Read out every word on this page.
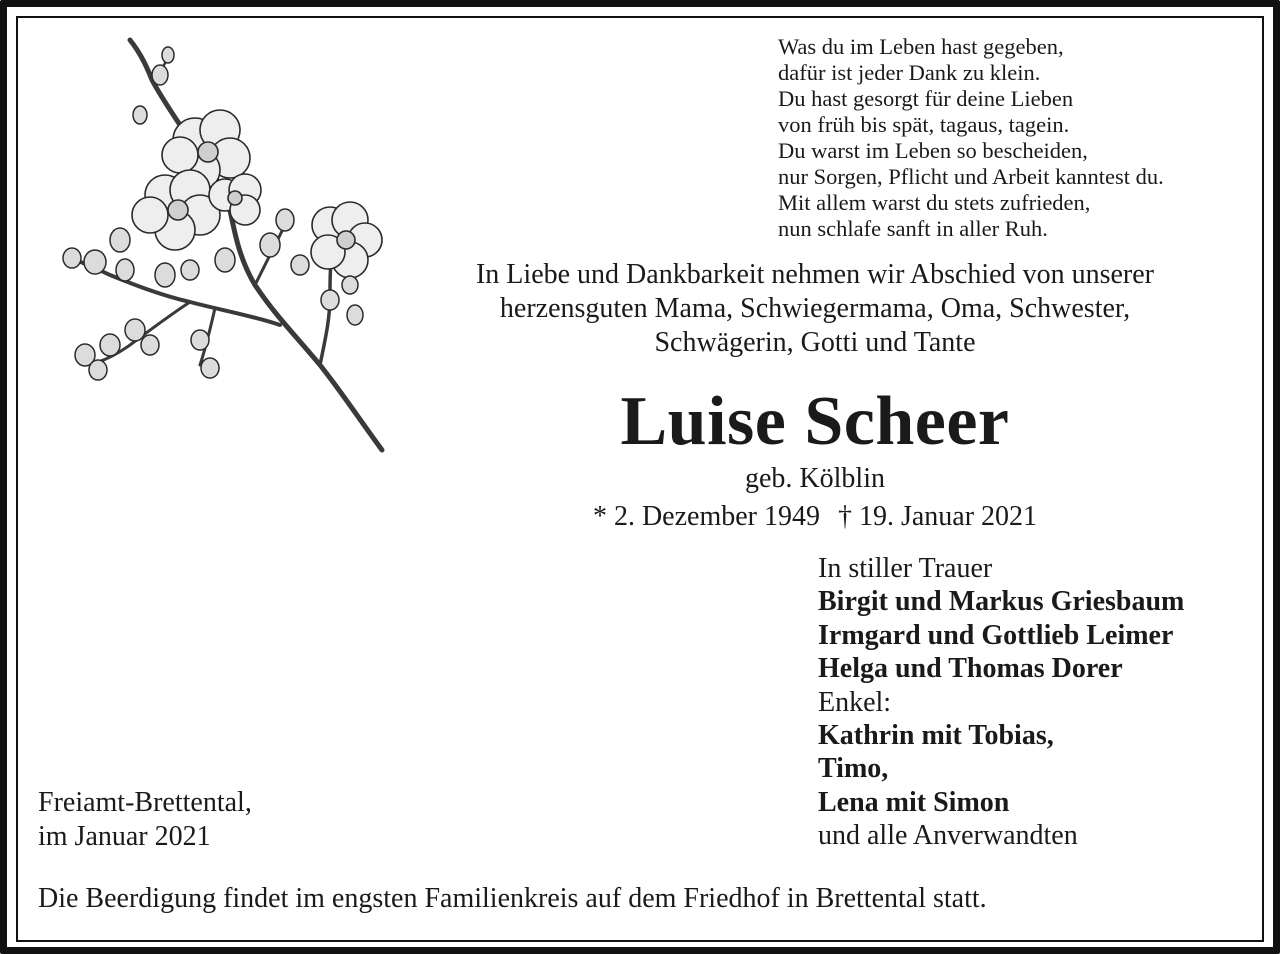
Was du im Leben hast gegeben,
dafür ist jeder Dank zu klein.
Du hast gesorgt für deine Lieben
von früh bis spät, tagaus, tagein.
Du warst im Leben so bescheiden,
nur Sorgen, Pflicht und Arbeit kanntest du.
Mit allem warst du stets zufrieden,
nun schlafe sanft in aller Ruh.
In Liebe und Dankbarkeit nehmen wir Abschied von unserer
herzensguten Mama, Schwiegermama, Oma, Schwester,
Schwägerin, Gotti und Tante
Luise Scheer
geb. Kölblin
* 2. Dezember 1949 † 19. Januar 2021
In stiller Trauer
Birgit und Markus Griesbaum
Irmgard und Gottlieb Leimer
Helga und Thomas Dorer
Enkel:
Kathrin mit Tobias,
Timo,
Lena mit Simon
und alle Anverwandten
Freiamt-Brettental,
im Januar 2021
Die Beerdigung findet im engsten Familienkreis auf dem Friedhof in Brettental statt.
